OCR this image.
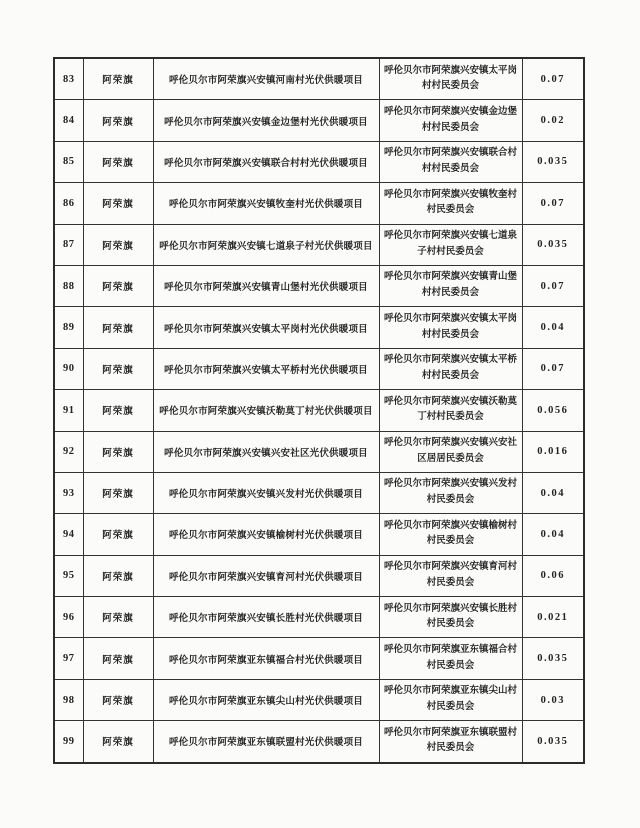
83	阿荣旗	呼伦贝尔市阿荣旗兴安镇河南村光伏供暖项目	呼伦贝尔市阿荣旗兴安镇太平岗村村民委员会	0.07
84	阿荣旗	呼伦贝尔市阿荣旗兴安镇金边堡村光伏供暖项目	呼伦贝尔市阿荣旗兴安镇金边堡村村民委员会	0.02
85	阿荣旗	呼伦贝尔市阿荣旗兴安镇联合村村光伏供暖项目	呼伦贝尔市阿荣旗兴安镇联合村村村民委员会	0.035
86	阿荣旗	呼伦贝尔市阿荣旗兴安镇牧奎村光伏供暖项目	呼伦贝尔市阿荣旗兴安镇牧奎村村民委员会	0.07
87	阿荣旗	呼伦贝尔市阿荣旗兴安镇七道泉子村光伏供暖项目	呼伦贝尔市阿荣旗兴安镇七道泉子村村民委员会	0.035
88	阿荣旗	呼伦贝尔市阿荣旗兴安镇青山堡村光伏供暖项目	呼伦贝尔市阿荣旗兴安镇青山堡村村民委员会	0.07
89	阿荣旗	呼伦贝尔市阿荣旗兴安镇太平岗村光伏供暖项目	呼伦贝尔市阿荣旗兴安镇太平岗村村民委员会	0.04
90	阿荣旗	呼伦贝尔市阿荣旗兴安镇太平桥村光伏供暖项目	呼伦贝尔市阿荣旗兴安镇太平桥村村民委员会	0.07
91	阿荣旗	呼伦贝尔市阿荣旗兴安镇沃勒莫丁村光伏供暖项目	呼伦贝尔市阿荣旗兴安镇沃勒莫丁村村民委员会	0.056
92	阿荣旗	呼伦贝尔市阿荣旗兴安镇兴安社区光伏供暖项目	呼伦贝尔市阿荣旗兴安镇兴安社区居居民委员会	0.016
93	阿荣旗	呼伦贝尔市阿荣旗兴安镇兴发村光伏供暖项目	呼伦贝尔市阿荣旗兴安镇兴发村村民委员会	0.04
94	阿荣旗	呼伦贝尔市阿荣旗兴安镇榆树村光伏供暖项目	呼伦贝尔市阿荣旗兴安镇榆树村村民委员会	0.04
95	阿荣旗	呼伦贝尔市阿荣旗兴安镇育河村光伏供暖项目	呼伦贝尔市阿荣旗兴安镇育河村村民委员会	0.06
96	阿荣旗	呼伦贝尔市阿荣旗兴安镇长胜村光伏供暖项目	呼伦贝尔市阿荣旗兴安镇长胜村村民委员会	0.021
97	阿荣旗	呼伦贝尔市阿荣旗亚东镇福合村光伏供暖项目	呼伦贝尔市阿荣旗亚东镇福合村村民委员会	0.035
98	阿荣旗	呼伦贝尔市阿荣旗亚东镇尖山村光伏供暖项目	呼伦贝尔市阿荣旗亚东镇尖山村村民委员会	0.03
99	阿荣旗	呼伦贝尔市阿荣旗亚东镇联盟村光伏供暖项目	呼伦贝尔市阿荣旗亚东镇联盟村村民委员会	0.035
